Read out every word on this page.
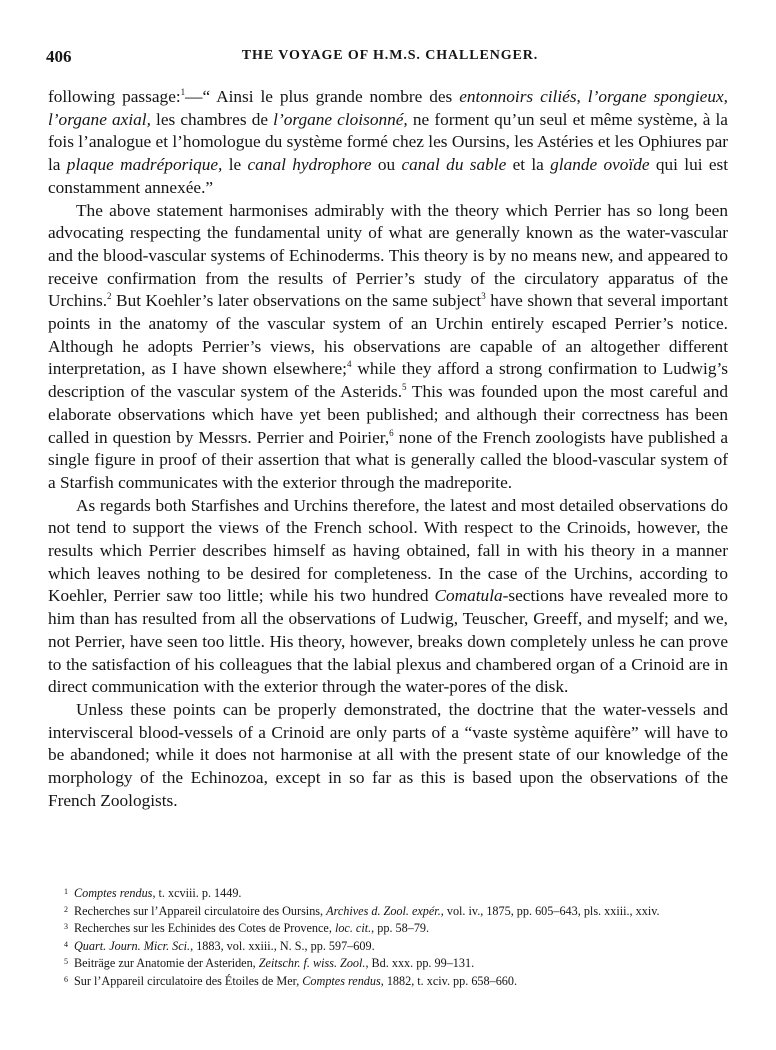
406	THE VOYAGE OF H.M.S. CHALLENGER.

following passage:$^1$—“ Ainsi le plus grande nombre des entonnoirs ciliés, l’organe spongieux, l’organe axial, les chambres de l’organe cloisonné, ne forment qu’un seul et même système, à la fois l’analogue et l’homologue du système formé chez les Oursins, les Astéries et les Ophiures par la plaque madréporique, le canal hydrophore ou canal du sable et la glande ovoïde qui lui est constamment annexée.”

The above statement harmonises admirably with the theory which Perrier has so long been advocating respecting the fundamental unity of what are generally known as the water-vascular and the blood-vascular systems of Echinoderms. This theory is by no means new, and appeared to receive confirmation from the results of Perrier’s study of the circulatory apparatus of the Urchins.$^2$ But Koehler’s later observations on the same subject$^3$ have shown that several important points in the anatomy of the vascular system of an Urchin entirely escaped Perrier’s notice. Although he adopts Perrier’s views, his observations are capable of an altogether different interpretation, as I have shown elsewhere;$^4$ while they afford a strong confirmation to Ludwig’s description of the vascular system of the Asterids.$^5$ This was founded upon the most careful and elaborate observations which have yet been published; and although their correctness has been called in question by Messrs. Perrier and Poirier,$^6$ none of the French zoologists have published a single figure in proof of their assertion that what is generally called the blood-vascular system of a Starfish communicates with the exterior through the madreporite.

As regards both Starfishes and Urchins therefore, the latest and most detailed observations do not tend to support the views of the French school. With respect to the Crinoids, however, the results which Perrier describes himself as having obtained, fall in with his theory in a manner which leaves nothing to be desired for completeness. In the case of the Urchins, according to Koehler, Perrier saw too little; while his two hundred Comatula-sections have revealed more to him than has resulted from all the observations of Ludwig, Teuscher, Greeff, and myself; and we, not Perrier, have seen too little. His theory, however, breaks down completely unless he can prove to the satisfaction of his colleagues that the labial plexus and chambered organ of a Crinoid are in direct communication with the exterior through the water-pores of the disk.

Unless these points can be properly demonstrated, the doctrine that the water-vessels and intervisceral blood-vessels of a Crinoid are only parts of a “vaste système aquifère” will have to be abandoned; while it does not harmonise at all with the present state of our knowledge of the morphology of the Echinozoa, except in so far as this is based upon the observations of the French Zoologists.

1 Comptes rendus, t. xcviii. p. 1449.
2 Recherches sur l’Appareil circulatoire des Oursins, Archives d. Zool. expér., vol. iv., 1875, pp. 605–643, pls. xxiii., xxiv.
3 Recherches sur les Echinides des Cotes de Provence, loc. cit., pp. 58–79.
4 Quart. Journ. Micr. Sci., 1883, vol. xxiii., N. S., pp. 597–609.
5 Beiträge zur Anatomie der Asteriden, Zeitschr. f. wiss. Zool., Bd. xxx. pp. 99–131.
6 Sur l’Appareil circulatoire des Étoiles de Mer, Comptes rendus, 1882, t. xciv. pp. 658–660.
